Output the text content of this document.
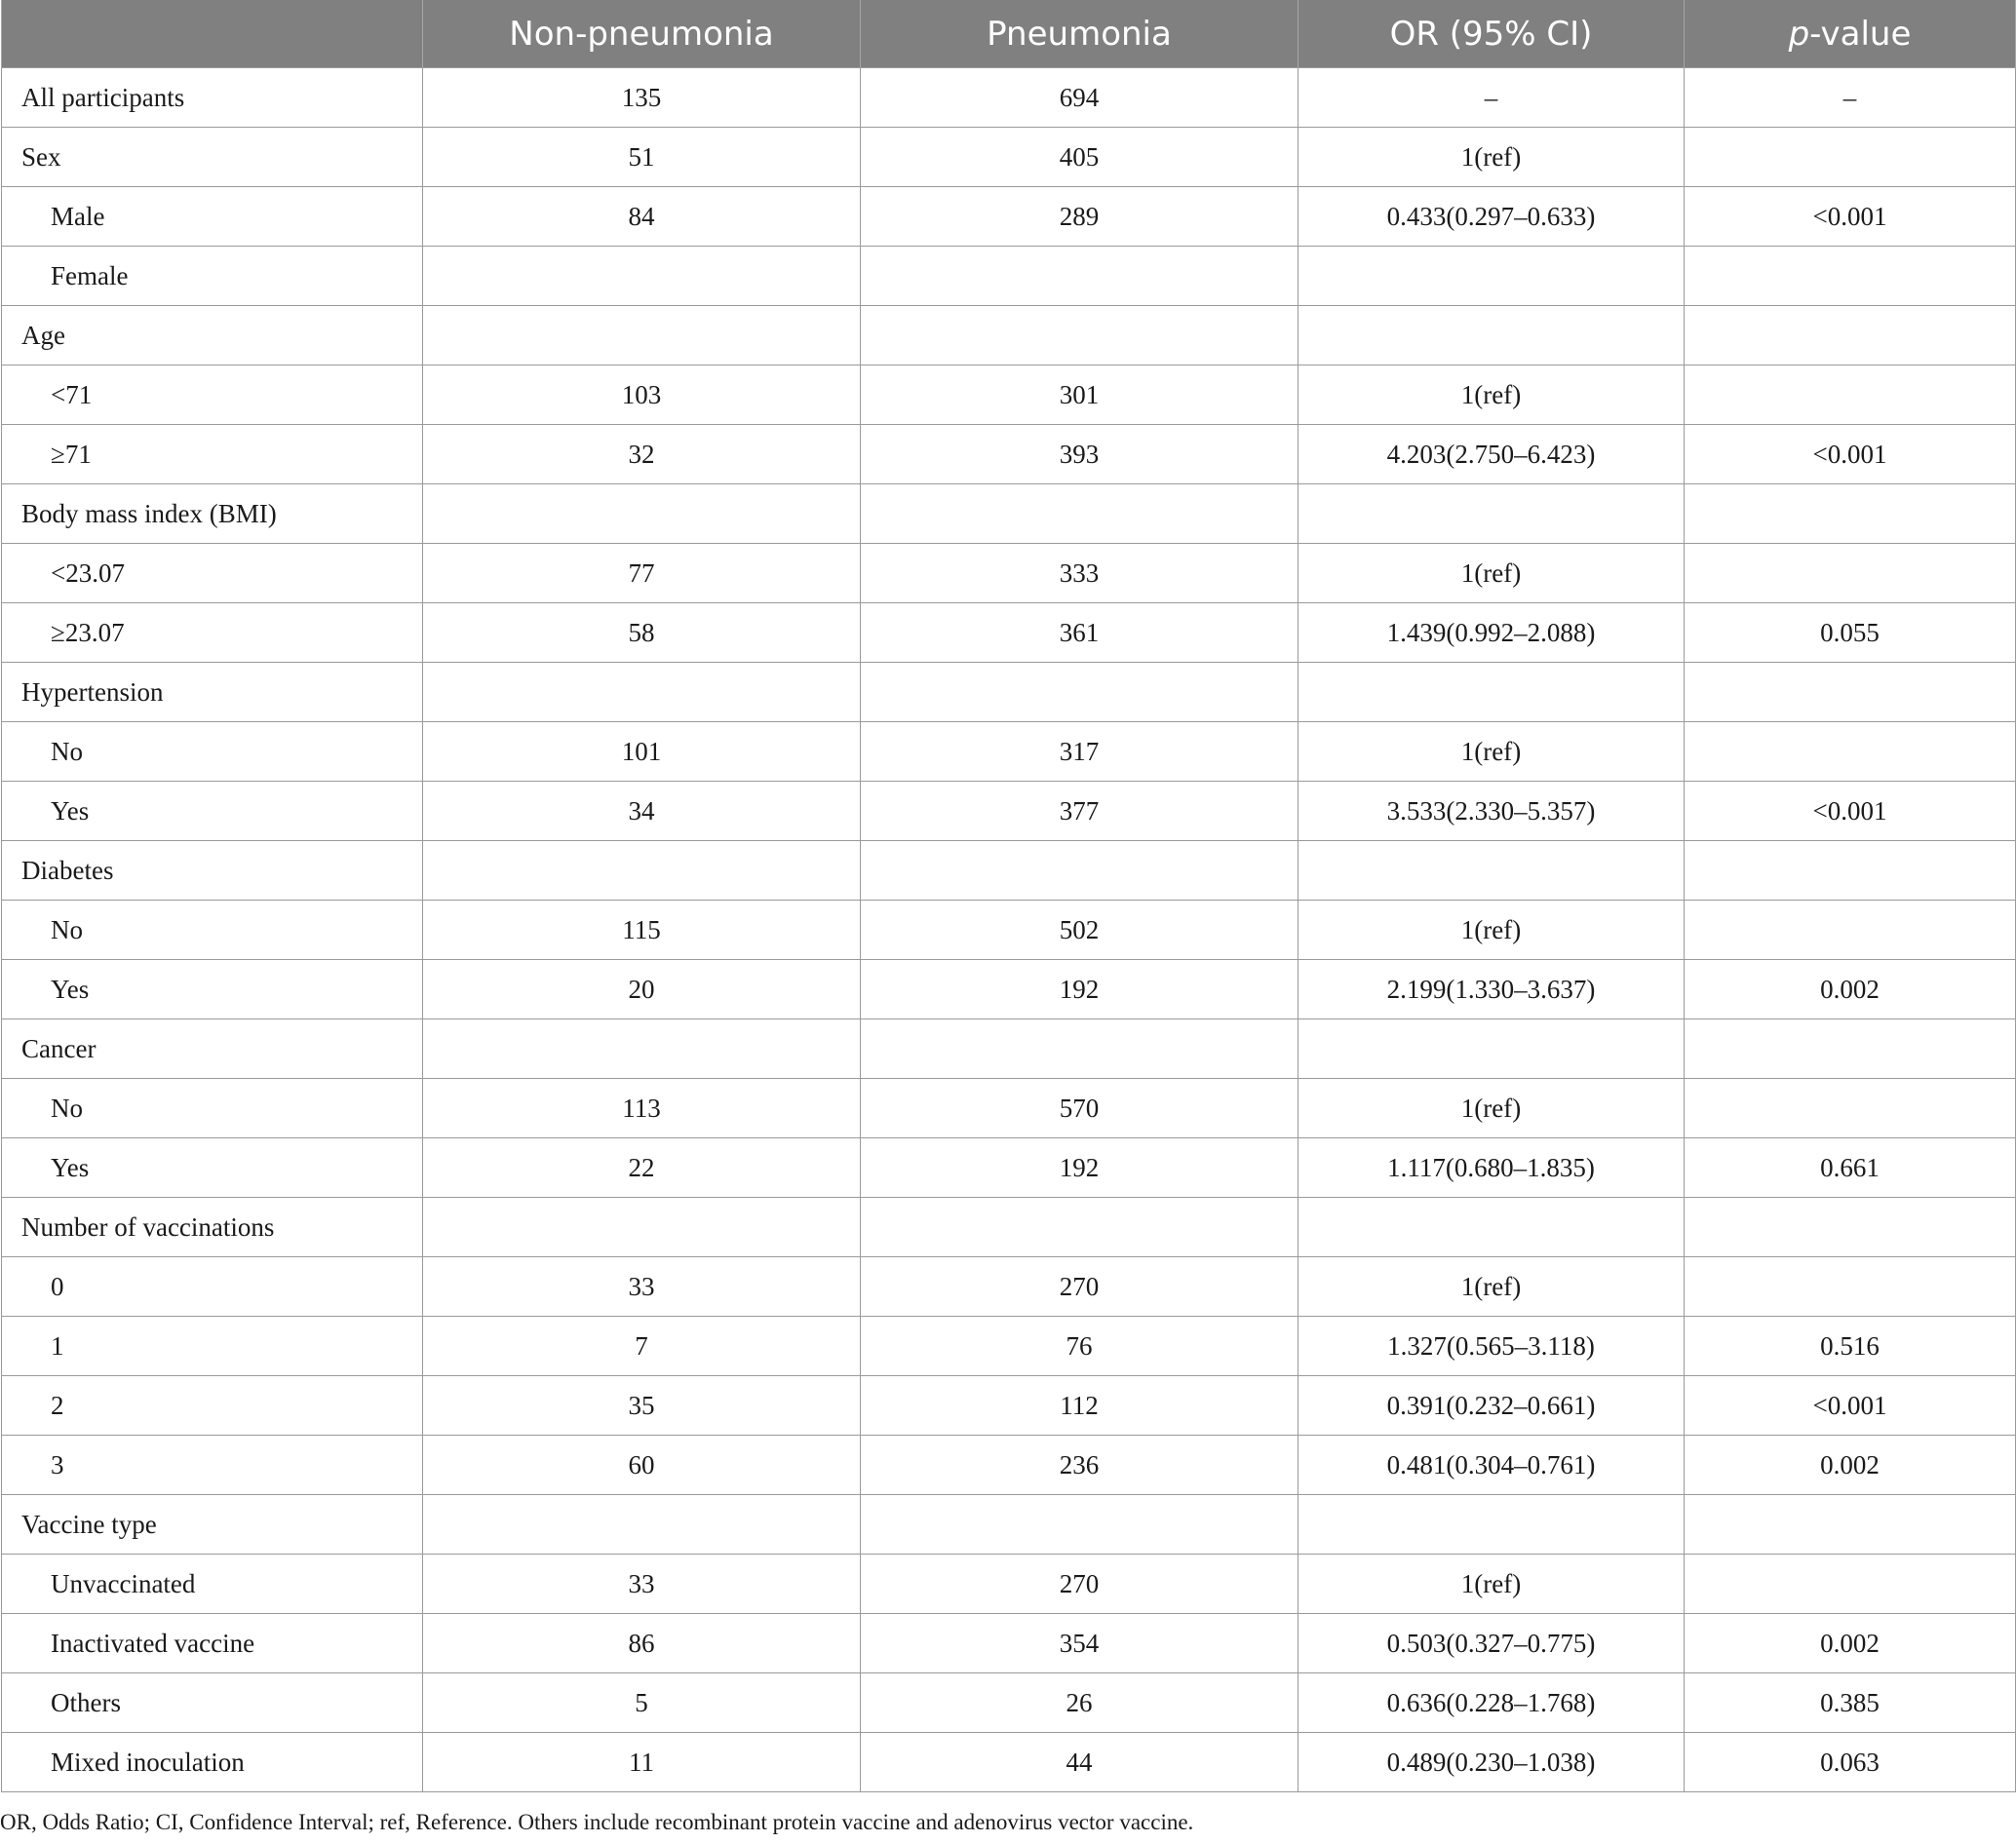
	Non-pneumonia	Pneumonia	OR (95% CI)	p-value
All participants	135	694	–	–
Sex	51	405	1(ref)	
Male	84	289	0.433(0.297–0.633)	<0.001
Female				
Age				
<71	103	301	1(ref)	
≥71	32	393	4.203(2.750–6.423)	<0.001
Body mass index (BMI)				
<23.07	77	333	1(ref)	
≥23.07	58	361	1.439(0.992–2.088)	0.055
Hypertension				
No	101	317	1(ref)	
Yes	34	377	3.533(2.330–5.357)	<0.001
Diabetes				
No	115	502	1(ref)	
Yes	20	192	2.199(1.330–3.637)	0.002
Cancer				
No	113	570	1(ref)	
Yes	22	192	1.117(0.680–1.835)	0.661
Number of vaccinations				
0	33	270	1(ref)	
1	7	76	1.327(0.565–3.118)	0.516
2	35	112	0.391(0.232–0.661)	<0.001
3	60	236	0.481(0.304–0.761)	0.002
Vaccine type				
Unvaccinated	33	270	1(ref)	
Inactivated vaccine	86	354	0.503(0.327–0.775)	0.002
Others	5	26	0.636(0.228–1.768)	0.385
Mixed inoculation	11	44	0.489(0.230–1.038)	0.063
OR, Odds Ratio; CI, Confidence Interval; ref, Reference. Others include recombinant protein vaccine and adenovirus vector vaccine.
